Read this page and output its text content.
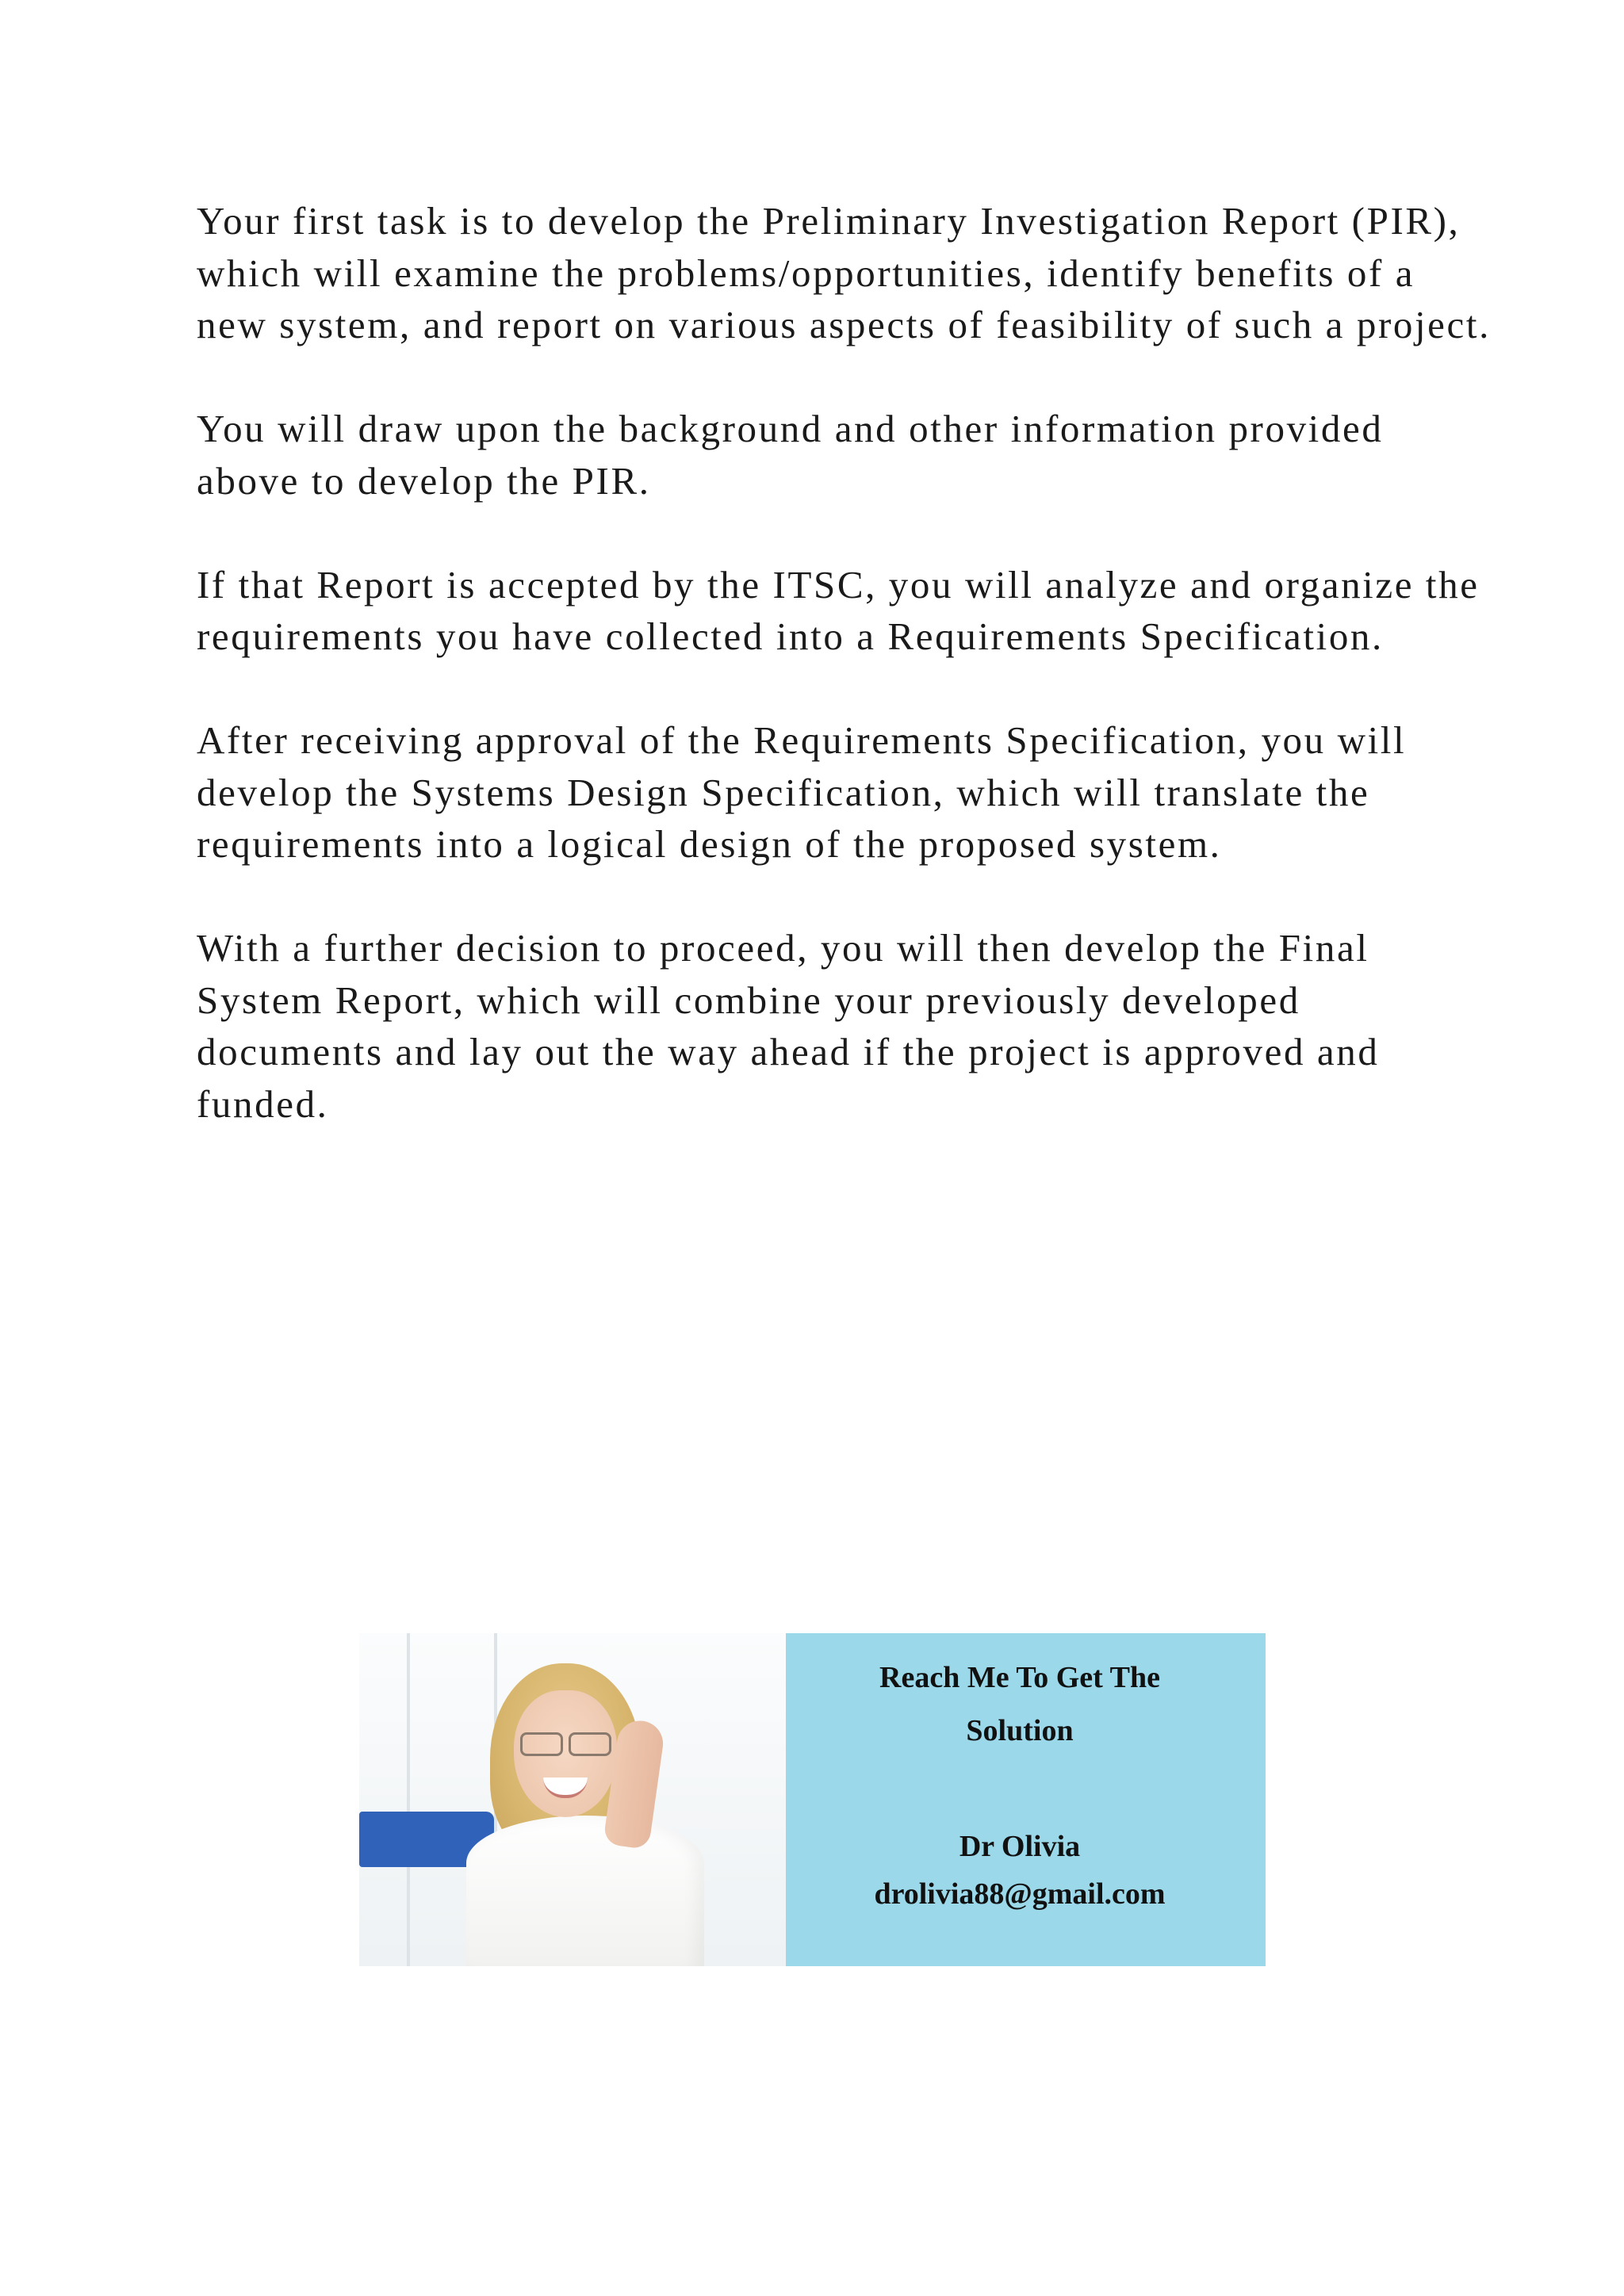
Your first task is to develop the Preliminary Investigation Report (PIR), which will examine the problems/opportunities, identify benefits of a new system, and report on various aspects of feasibility of such a project.

You will draw upon the background and other information provided above to develop the PIR.

If that Report is accepted by the ITSC, you will analyze and organize the requirements you have collected into a Requirements Specification.

After receiving approval of the Requirements Specification, you will develop the Systems Design Specification, which will translate the requirements into a logical design of the proposed system.

With a further decision to proceed, you will then develop the Final System Report, which will combine your previously developed documents and lay out the way ahead if the project is approved and funded.

Reach Me To Get The
Solution
Dr Olivia
drolivia88@gmail.com
